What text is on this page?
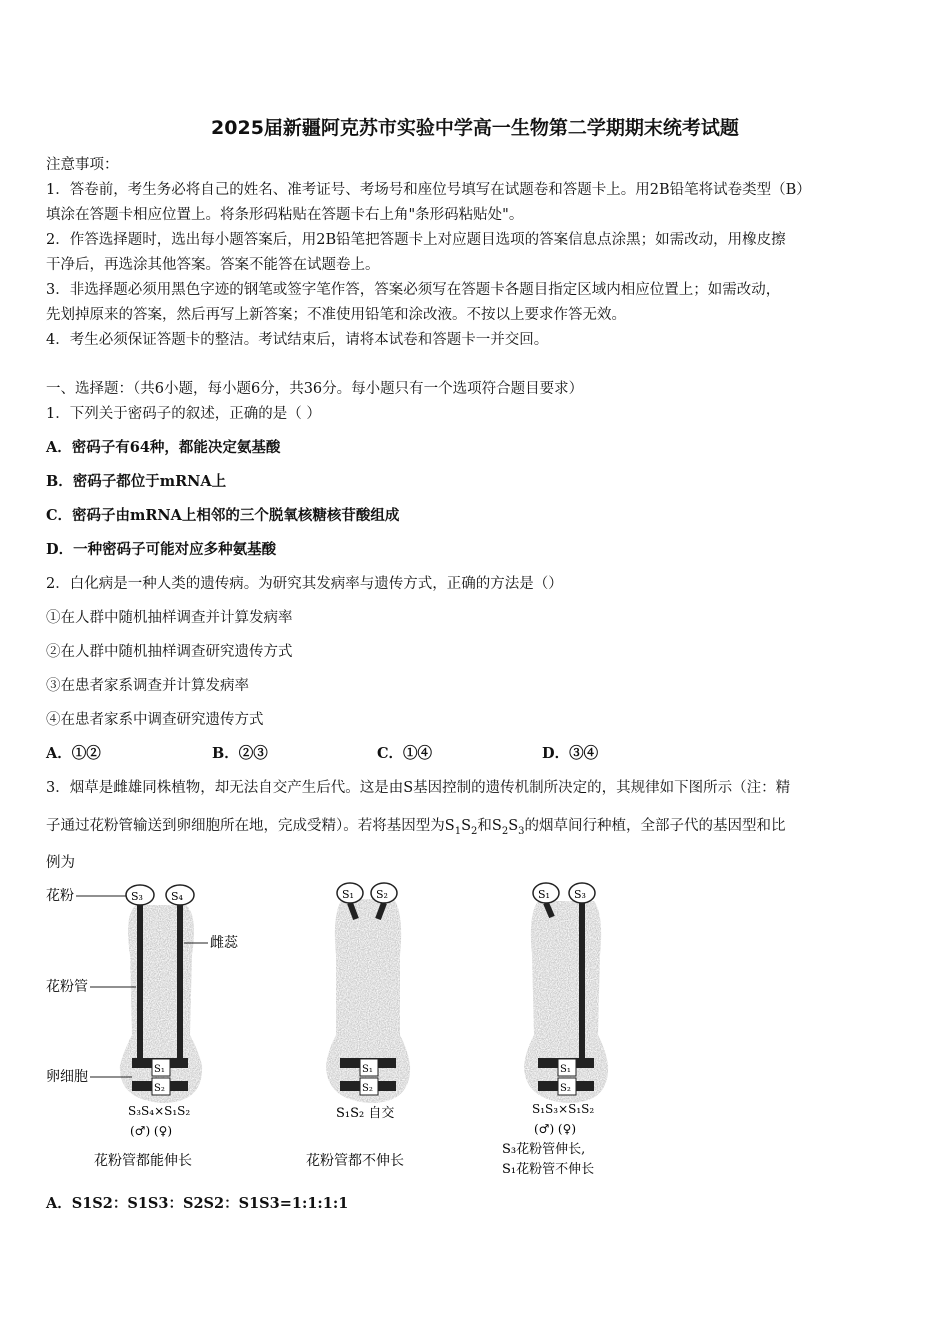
2025届新疆阿克苏市实验中学高一生物第二学期期末统考试题
注意事项：
1．答卷前，考生务必将自己的姓名、准考证号、考场号和座位号填写在试题卷和答题卡上。用2B铅笔将试卷类型（B）
填涂在答题卡相应位置上。将条形码粘贴在答题卡右上角"条形码粘贴处"。
2．作答选择题时，选出每小题答案后，用2B铅笔把答题卡上对应题目选项的答案信息点涂黑；如需改动，用橡皮擦
干净后，再选涂其他答案。答案不能答在试题卷上。
3．非选择题必须用黑色字迹的钢笔或签字笔作答，答案必须写在答题卡各题目指定区域内相应位置上；如需改动，
先划掉原来的答案，然后再写上新答案；不准使用铅笔和涂改液。不按以上要求作答无效。
4．考生必须保证答题卡的整洁。考试结束后，请将本试卷和答题卡一并交回。
一、选择题：（共6小题，每小题6分，共36分。每小题只有一个选项符合题目要求）
1．下列关于密码子的叙述，正确的是（ ）
A．密码子有64种，都能决定氨基酸
B．密码子都位于mRNA上
C．密码子由mRNA上相邻的三个脱氧核糖核苷酸组成
D．一种密码子可能对应多种氨基酸
2．白化病是一种人类的遗传病。为研究其发病率与遗传方式，正确的方法是（）
①在人群中随机抽样调查并计算发病率
②在人群中随机抽样调查研究遗传方式
③在患者家系调查并计算发病率
④在患者家系中调查研究遗传方式
A．①②	B．②③	C．①④	D．③④
3．烟草是雌雄同株植物，却无法自交产生后代。这是由S基因控制的遗传机制所决定的，其规律如下图所示（注：精
子通过花粉管输送到卵细胞所在地，完成受精）。若将基因型为$S_1S_2$和$S_2S_3$的烟草间行种植，全部子代的基因型和比
例为
S₃	S₄
S₁
S₂
S₃S₄×S₁S₂
(♂) (♀)
花粉管都能伸长
花粉
雌蕊
花粉管
卵细胞
S₁ S₂
S₁
S₂
S₁S₂ 自交
花粉管都不伸长
S₁ S₃
S₁
S₂
S₁S₃×S₁S₂
(♂) (♀)
S₃花粉管伸长,
S₁花粉管不伸长
A．S1S2：S1S3：S2S2：S1S3=1:1:1:1
